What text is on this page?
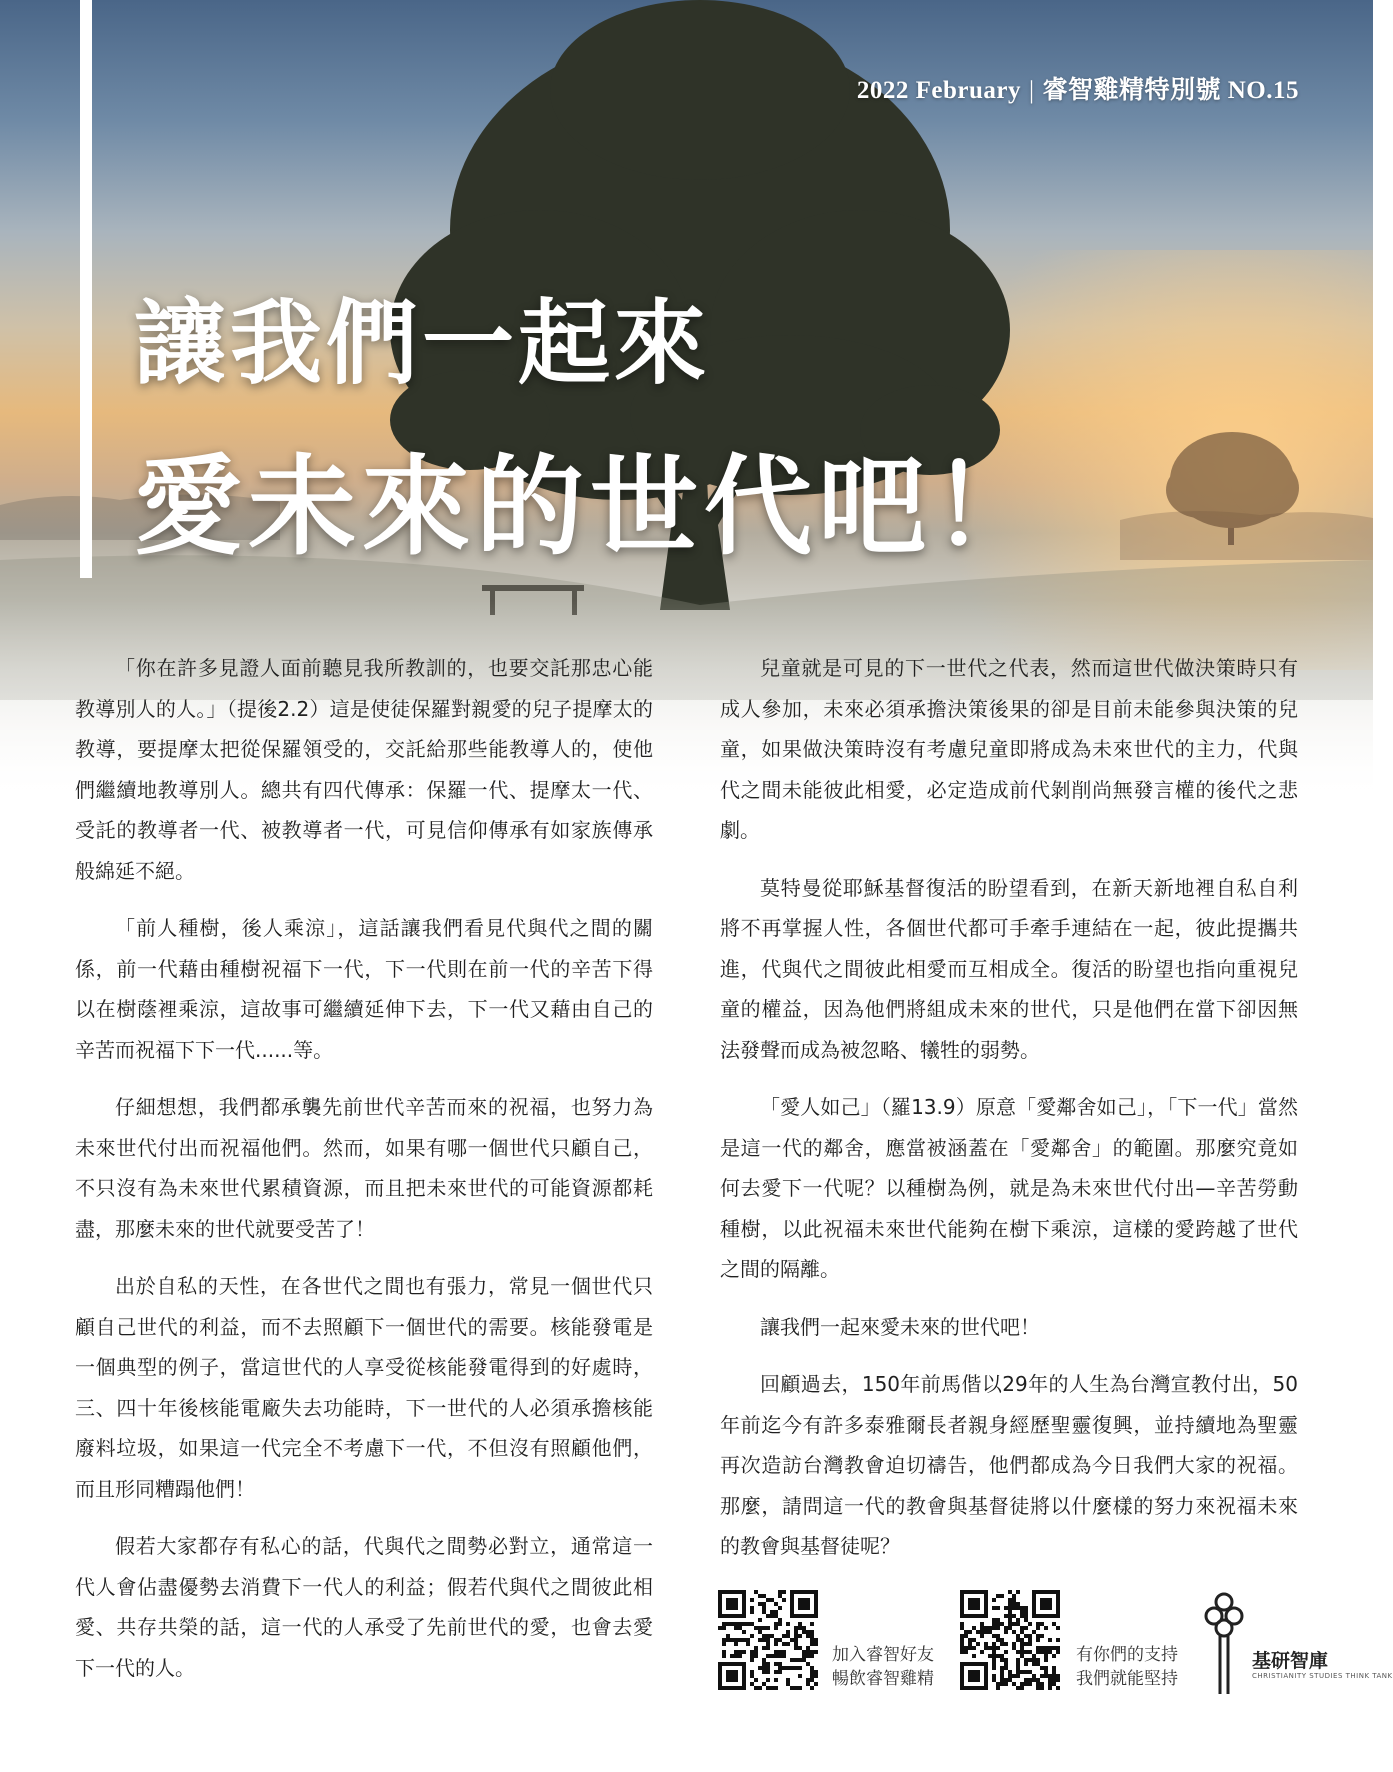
2022 February | 睿智雞精特別號 NO.15
讓我們一起來
愛未來的世代吧！

「你在許多見證人面前聽見我所教訓的，也要交託那忠心能教導別人的人。」（提後2.2）這是使徒保羅對親愛的兒子提摩太的教導，要提摩太把從保羅領受的，交託給那些能教導人的，使他們繼續地教導別人。總共有四代傳承：保羅一代、提摩太一代、受託的教導者一代、被教導者一代，可見信仰傳承有如家族傳承般綿延不絕。

「前人種樹，後人乘涼」，這話讓我們看見代與代之間的關係，前一代藉由種樹祝福下一代，下一代則在前一代的辛苦下得以在樹蔭裡乘涼，這故事可繼續延伸下去，下一代又藉由自己的辛苦而祝福下下一代......等。

仔細想想，我們都承襲先前世代辛苦而來的祝福，也努力為未來世代付出而祝福他們。然而，如果有哪一個世代只顧自己，不只沒有為未來世代累積資源，而且把未來世代的可能資源都耗盡，那麼未來的世代就要受苦了！

出於自私的天性，在各世代之間也有張力，常見一個世代只顧自己世代的利益，而不去照顧下一個世代的需要。核能發電是一個典型的例子，當這世代的人享受從核能發電得到的好處時，三、四十年後核能電廠失去功能時，下一世代的人必須承擔核能廢料垃圾，如果這一代完全不考慮下一代，不但沒有照顧他們，而且形同糟蹋他們！

假若大家都存有私心的話，代與代之間勢必對立，通常這一代人會佔盡優勢去消費下一代人的利益；假若代與代之間彼此相愛、共存共榮的話，這一代的人承受了先前世代的愛，也會去愛下一代的人。

兒童就是可見的下一世代之代表，然而這世代做決策時只有成人參加，未來必須承擔決策後果的卻是目前未能參與決策的兒童，如果做決策時沒有考慮兒童即將成為未來世代的主力，代與代之間未能彼此相愛，必定造成前代剝削尚無發言權的後代之悲劇。

莫特曼從耶穌基督復活的盼望看到，在新天新地裡自私自利將不再掌握人性，各個世代都可手牽手連結在一起，彼此提攜共進，代與代之間彼此相愛而互相成全。復活的盼望也指向重視兒童的權益，因為他們將組成未來的世代，只是他們在當下卻因無法發聲而成為被忽略、犧牲的弱勢。

「愛人如己」（羅13.9）原意「愛鄰舍如己」，「下一代」當然是這一代的鄰舍，應當被涵蓋在「愛鄰舍」的範圍。那麼究竟如何去愛下一代呢？以種樹為例，就是為未來世代付出—辛苦勞動種樹，以此祝福未來世代能夠在樹下乘涼，這樣的愛跨越了世代之間的隔離。

讓我們一起來愛未來的世代吧！

回顧過去，150年前馬偕以29年的人生為台灣宣教付出，50年前迄今有許多泰雅爾長者親身經歷聖靈復興，並持續地為聖靈再次造訪台灣教會迫切禱告，他們都成為今日我們大家的祝福。那麼，請問這一代的教會與基督徒將以什麼樣的努力來祝福未來的教會與基督徒呢？

加入睿智好友
暢飲睿智雞精
有你們的支持
我們就能堅持
基研智庫
CHRISTIANITY STUDIES THINK TANK
